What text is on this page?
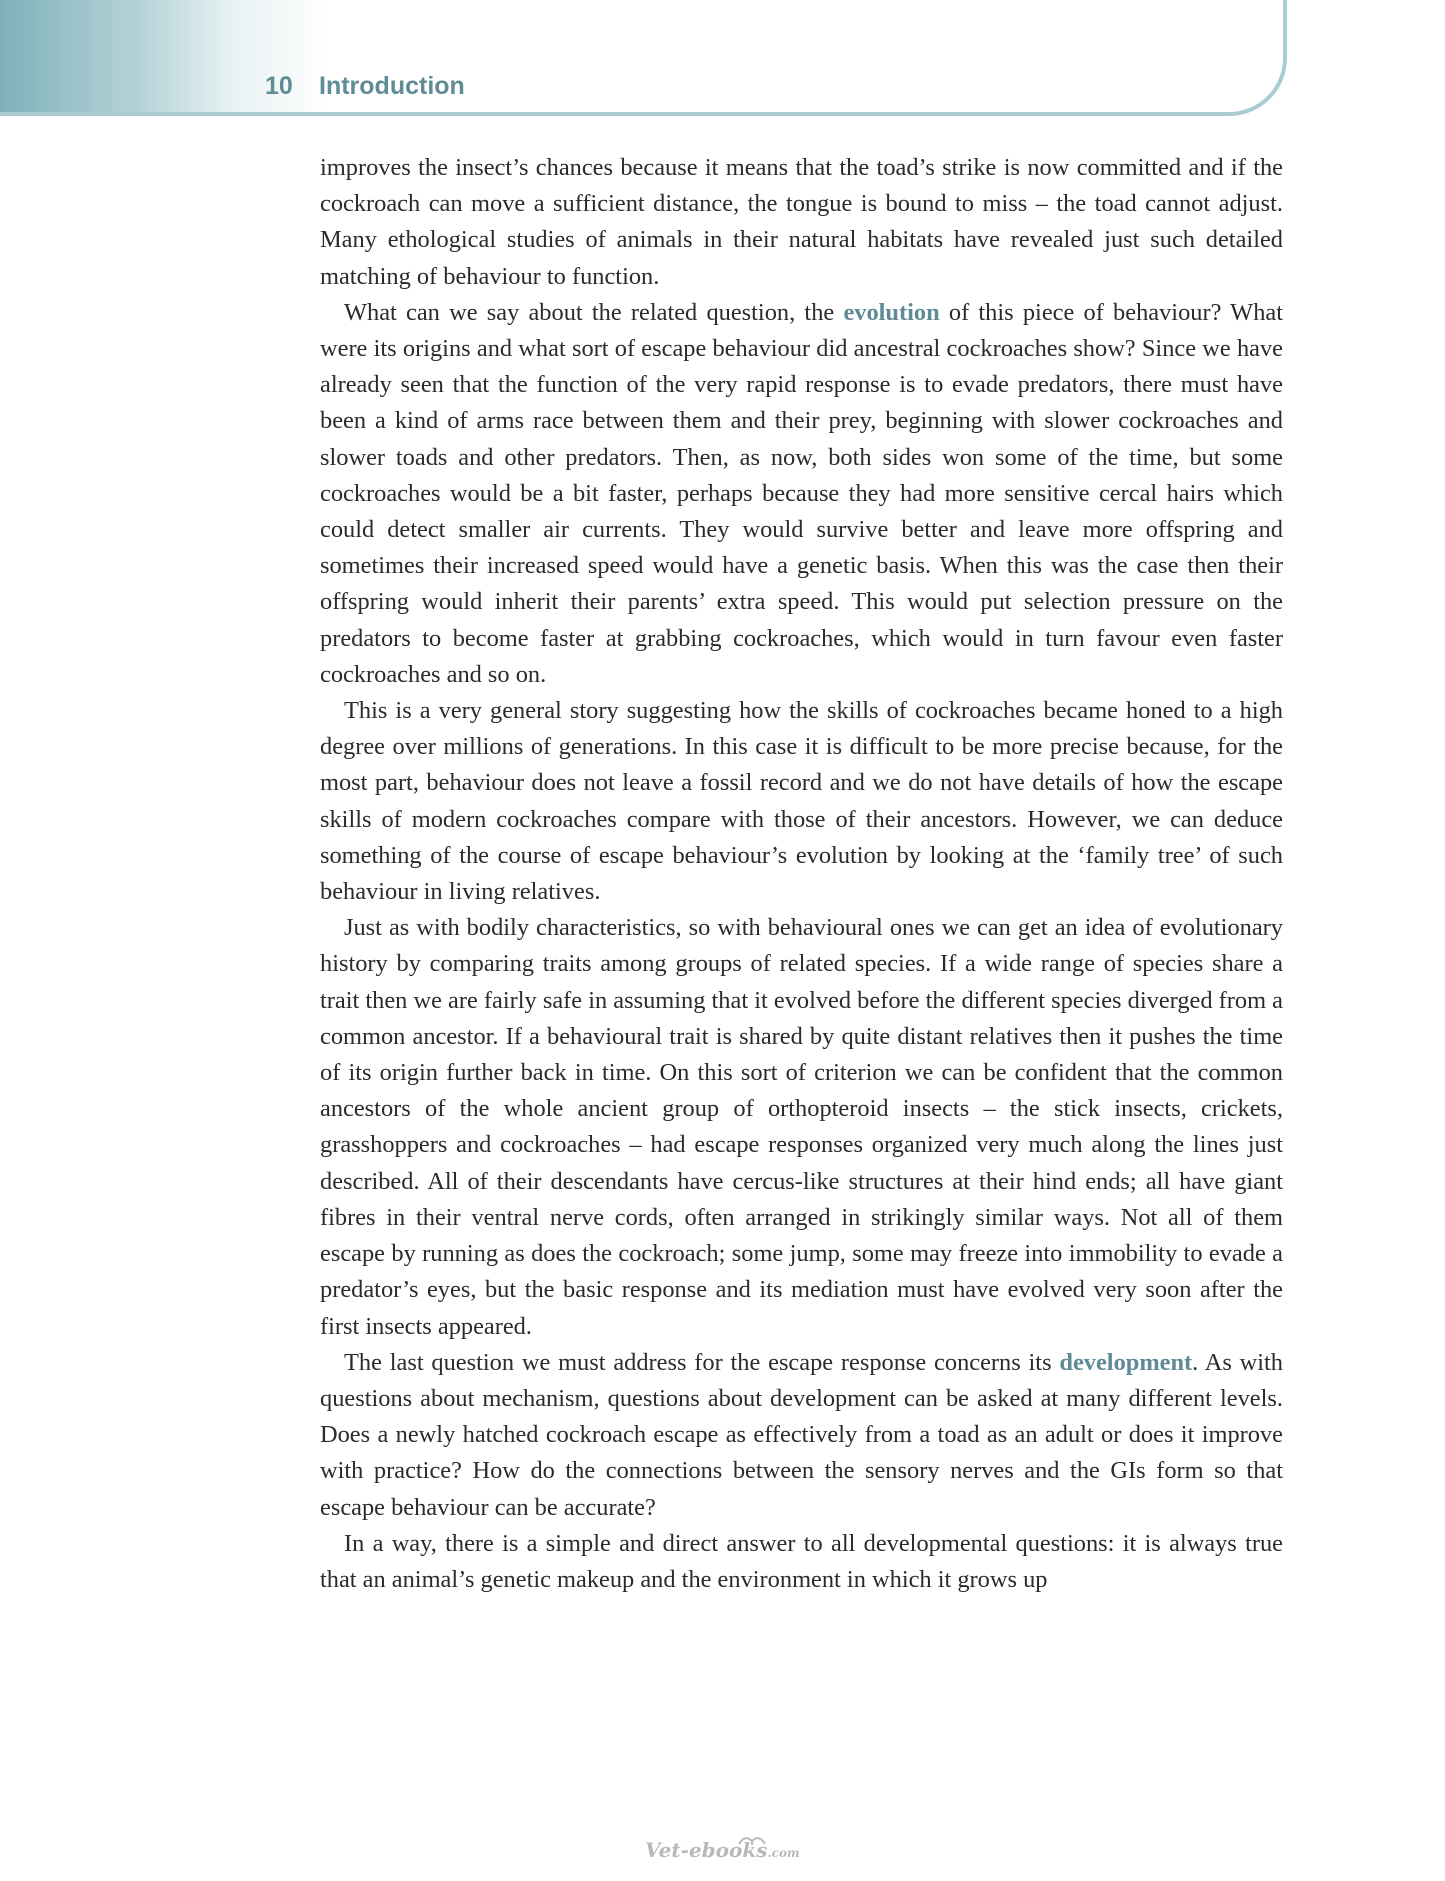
10 Introduction

improves the insect’s chances because it means that the toad’s strike is now committed and if the cockroach can move a sufficient distance, the tongue is bound to miss – the toad cannot adjust. Many ethological studies of animals in their natural habitats have revealed just such detailed matching of behaviour to function.

What can we say about the related question, the evolution of this piece of behaviour? What were its origins and what sort of escape behaviour did ancestral cockroaches show? Since we have already seen that the function of the very rapid response is to evade predators, there must have been a kind of arms race between them and their prey, beginning with slower cockroaches and slower toads and other predators. Then, as now, both sides won some of the time, but some cockroaches would be a bit faster, perhaps because they had more sensitive cercal hairs which could detect smaller air currents. They would survive better and leave more offspring and sometimes their increased speed would have a genetic basis. When this was the case then their offspring would inherit their parents’ extra speed. This would put selection pressure on the predators to become faster at grabbing cockroaches, which would in turn favour even faster cockroaches and so on.

This is a very general story suggesting how the skills of cockroaches became honed to a high degree over millions of generations. In this case it is difficult to be more precise because, for the most part, behaviour does not leave a fossil record and we do not have details of how the escape skills of modern cockroaches compare with those of their ancestors. However, we can deduce something of the course of escape behaviour’s evolution by looking at the ‘family tree’ of such behaviour in living relatives.

Just as with bodily characteristics, so with behavioural ones we can get an idea of evolutionary history by comparing traits among groups of related species. If a wide range of species share a trait then we are fairly safe in assuming that it evolved before the different species diverged from a common ancestor. If a behavioural trait is shared by quite distant relatives then it pushes the time of its origin further back in time. On this sort of criterion we can be confident that the common ancestors of the whole ancient group of orthopteroid insects – the stick insects, crickets, grasshoppers and cockroaches – had escape responses organized very much along the lines just described. All of their descendants have cercus-like structures at their hind ends; all have giant fibres in their ventral nerve cords, often arranged in strikingly similar ways. Not all of them escape by running as does the cockroach; some jump, some may freeze into immobility to evade a predator’s eyes, but the basic response and its mediation must have evolved very soon after the first insects appeared.

The last question we must address for the escape response concerns its development. As with questions about mechanism, questions about development can be asked at many different levels. Does a newly hatched cockroach escape as effectively from a toad as an adult or does it improve with practice? How do the connections between the sensory nerves and the GIs form so that escape behaviour can be accurate?

In a way, there is a simple and direct answer to all developmental questions: it is always true that an animal’s genetic makeup and the environment in which it grows up

Vet-ebooks.com
